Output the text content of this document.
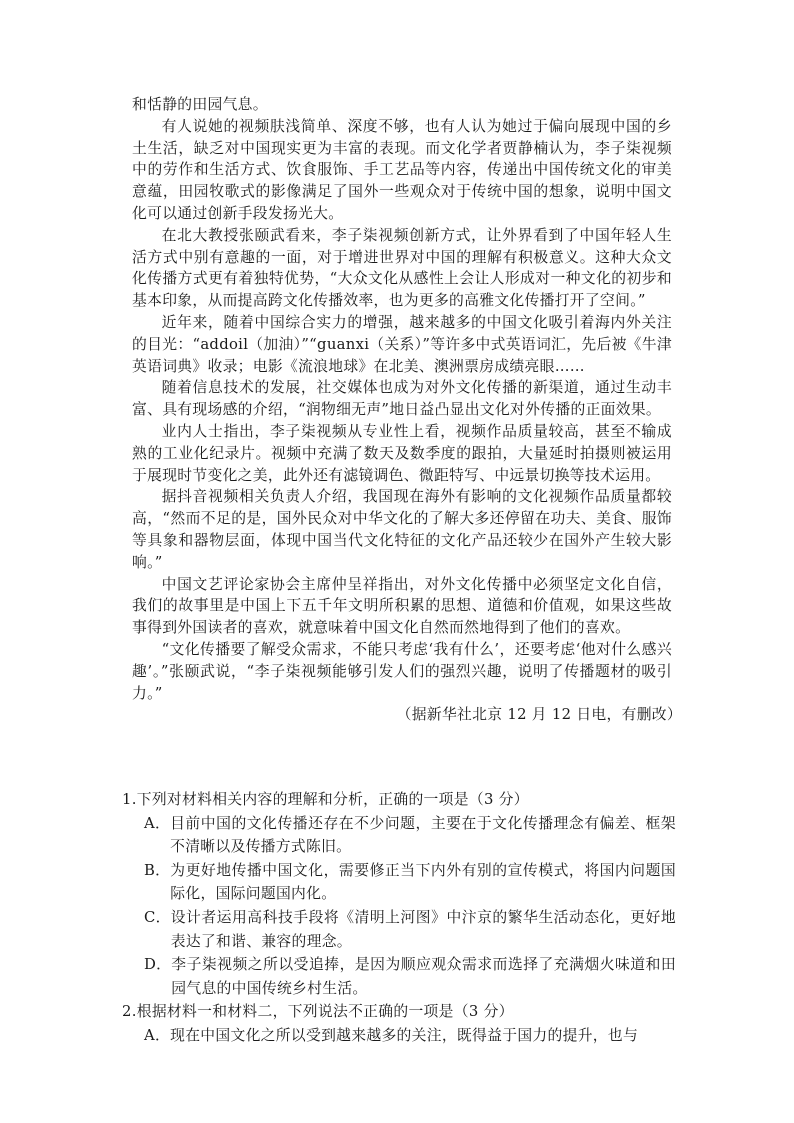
和恬静的田园气息。

有人说她的视频肤浅简单、深度不够，也有人认为她过于偏向展现中国的乡土生活，缺乏对中国现实更为丰富的表现。而文化学者贾静楠认为，李子柒视频中的劳作和生活方式、饮食服饰、手工艺品等内容，传递出中国传统文化的审美意蕴，田园牧歌式的影像满足了国外一些观众对于传统中国的想象，说明中国文化可以通过创新手段发扬光大。

在北大教授张颐武看来，李子柒视频创新方式，让外界看到了中国年轻人生活方式中别有意趣的一面，对于增进世界对中国的理解有积极意义。这种大众文化传播方式更有着独特优势，“大众文化从感性上会让人形成对一种文化的初步和基本印象，从而提高跨文化传播效率，也为更多的高雅文化传播打开了空间。”

近年来，随着中国综合实力的增强，越来越多的中国文化吸引着海内外关注的目光：“addoil（加油）”“guanxi（关系）”等许多中式英语词汇，先后被《牛津英语词典》收录；电影《流浪地球》在北美、澳洲票房成绩亮眼……

随着信息技术的发展，社交媒体也成为对外文化传播的新渠道，通过生动丰富、具有现场感的介绍，“润物细无声”地日益凸显出文化对外传播的正面效果。

业内人士指出，李子柒视频从专业性上看，视频作品质量较高，甚至不输成熟的工业化纪录片。视频中充满了数天及数季度的跟拍，大量延时拍摄则被运用于展现时节变化之美，此外还有滤镜调色、微距特写、中远景切换等技术运用。

据抖音视频相关负责人介绍，我国现在海外有影响的文化视频作品质量都较高，“然而不足的是，国外民众对中华文化的了解大多还停留在功夫、美食、服饰等具象和器物层面，体现中国当代文化特征的文化产品还较少在国外产生较大影响。”

中国文艺评论家协会主席仲呈祥指出，对外文化传播中必须坚定文化自信，我们的故事里是中国上下五千年文明所积累的思想、道德和价值观，如果这些故事得到外国读者的喜欢，就意味着中国文化自然而然地得到了他们的喜欢。

“文化传播要了解受众需求，不能只考虑‘我有什么’，还要考虑‘他对什么感兴趣’。”张颐武说，“李子柒视频能够引发人们的强烈兴趣，说明了传播题材的吸引力。”

（据新华社北京 12 月 12 日电，有删改）

1.下列对材料相关内容的理解和分析，正确的一项是（3 分）

A． 目前中国的文化传播还存在不少问题，主要在于文化传播理念有偏差、框架不清晰以及传播方式陈旧。
B． 为更好地传播中国文化，需要修正当下内外有别的宣传模式，将国内问题国际化，国际问题国内化。
C． 设计者运用高科技手段将《清明上河图》中汴京的繁华生活动态化，更好地表达了和谐、兼容的理念。
D． 李子柒视频之所以受追捧，是因为顺应观众需求而选择了充满烟火味道和田园气息的中国传统乡村生活。

2.根据材料一和材料二，下列说法不正确的一项是（3 分）

A． 现在中国文化之所以受到越来越多的关注，既得益于国力的提升，也与
